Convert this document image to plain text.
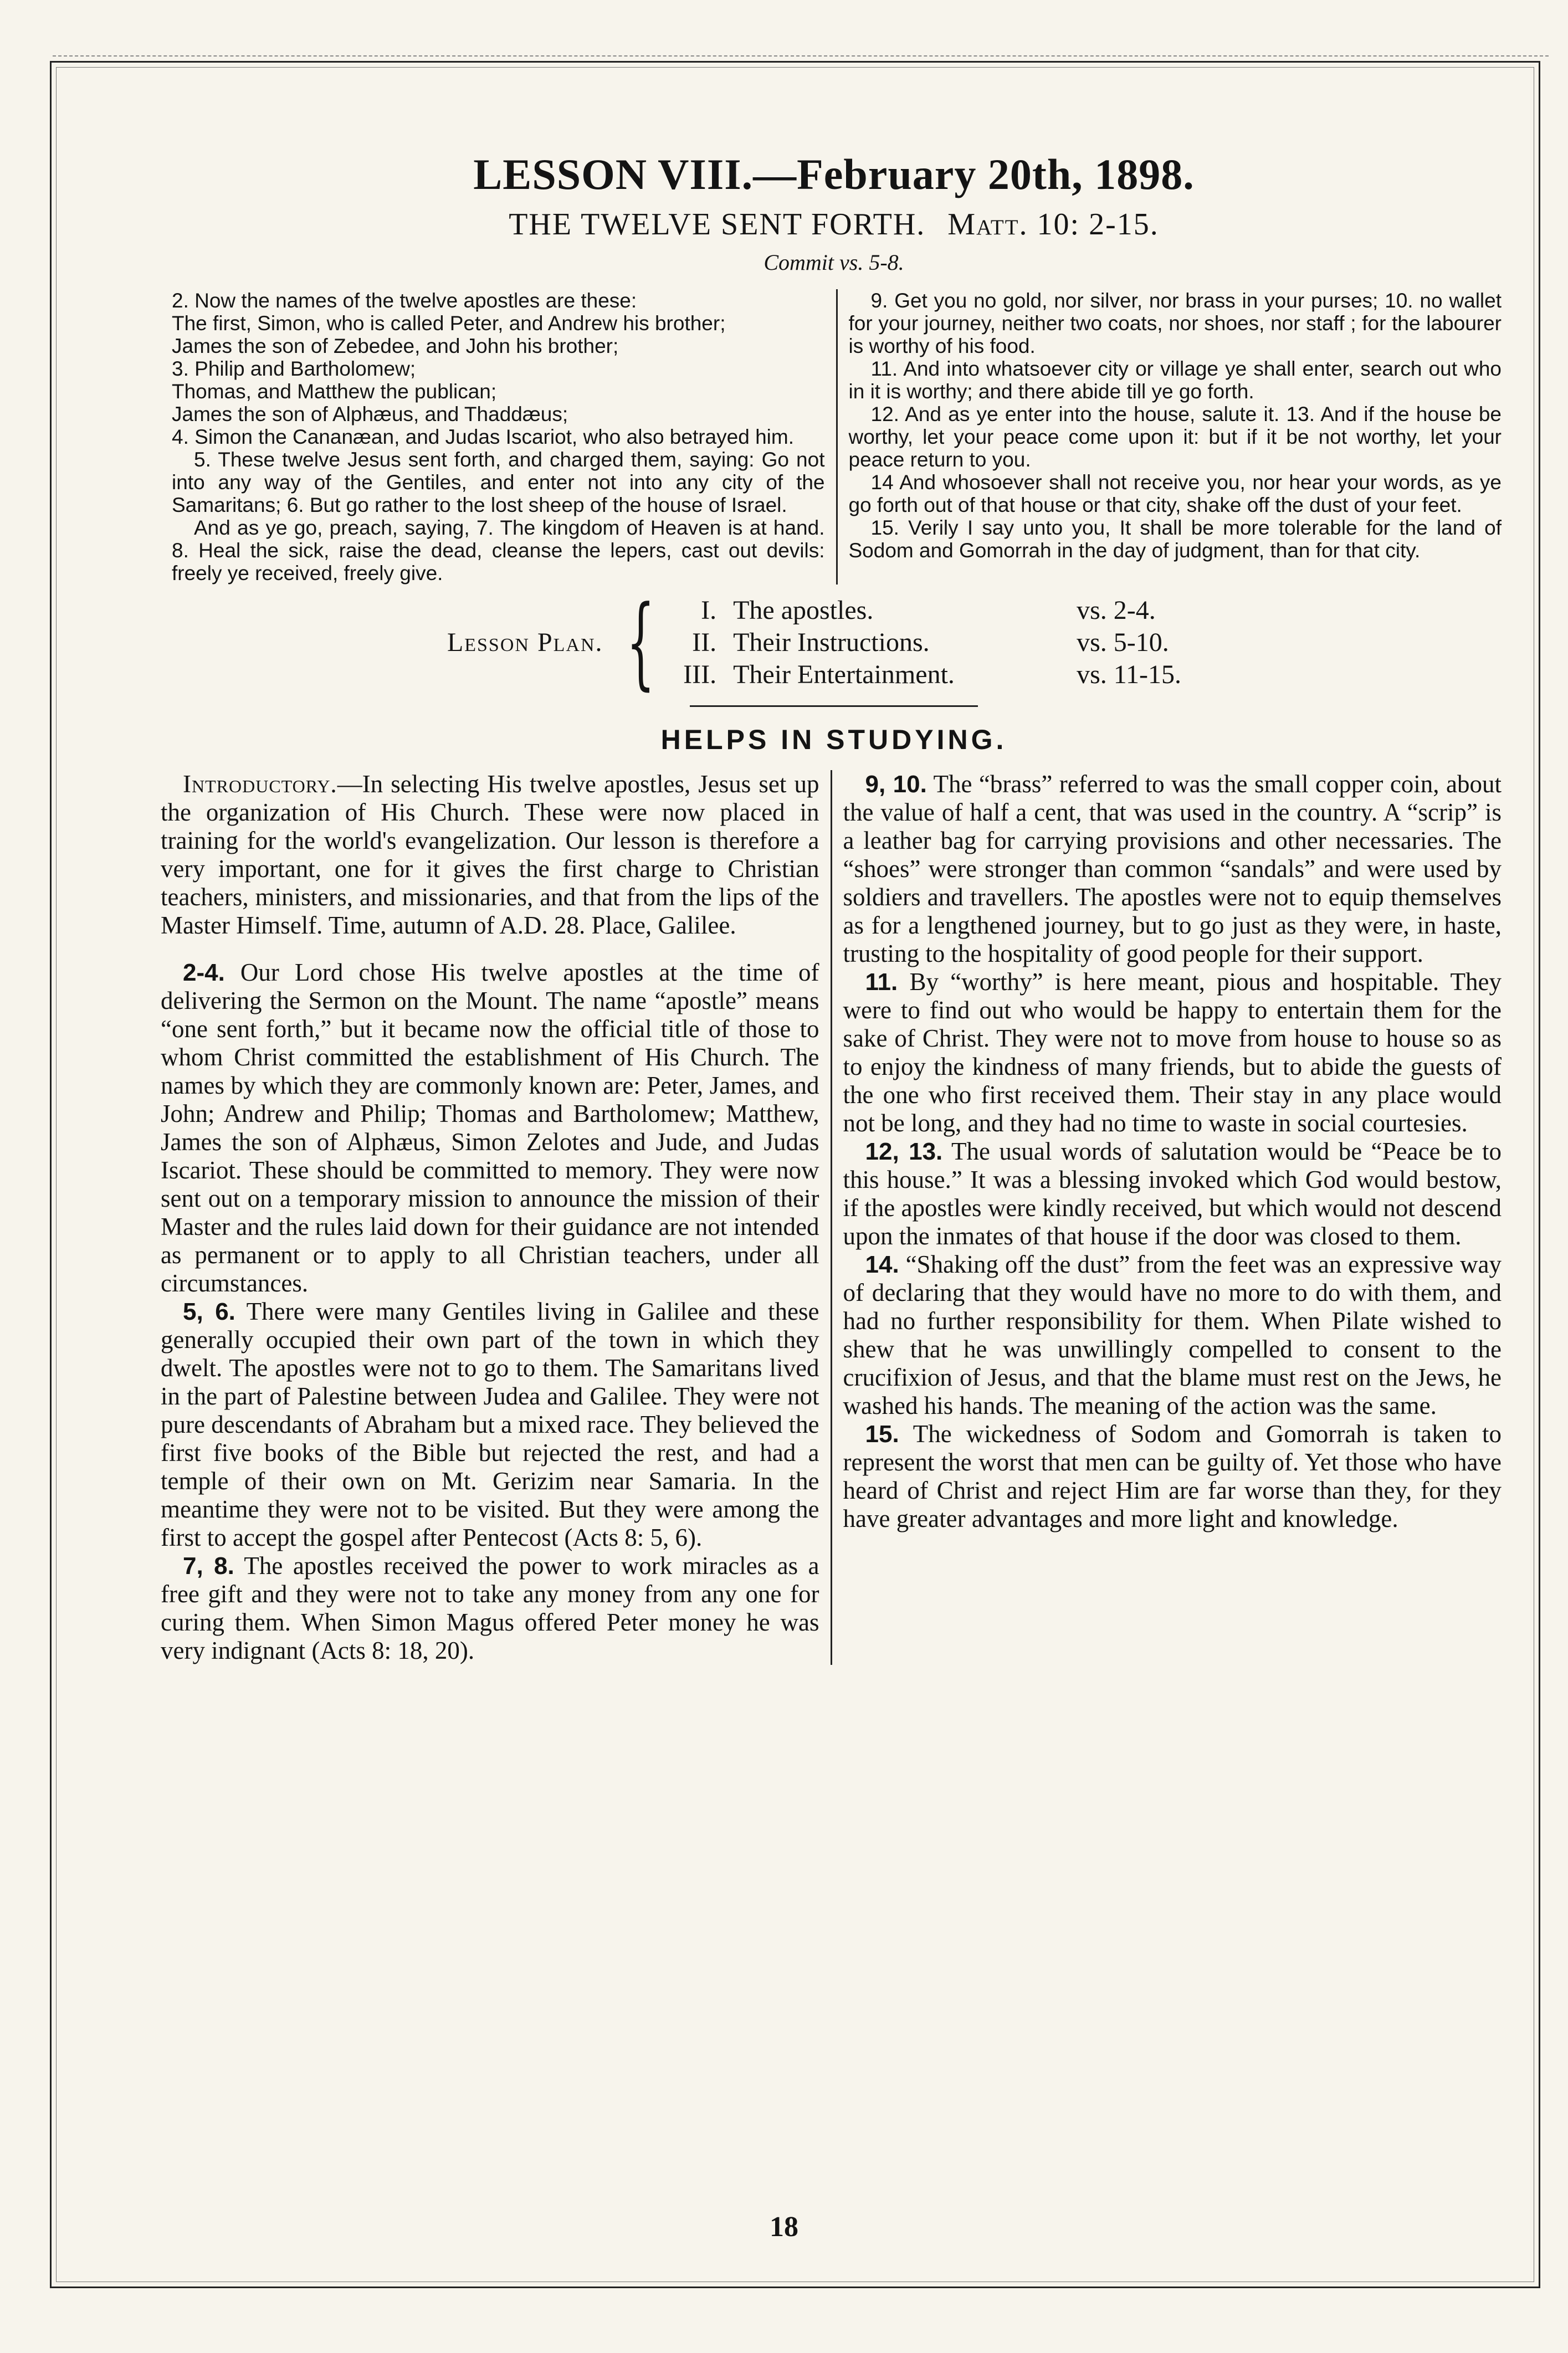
LESSON VIII.—February 20th, 1898.
THE TWELVE SENT FORTH. Matt. 10: 2-15.
Commit vs. 5-8.

2. Now the names of the twelve apostles are these:

The first, Simon, who is called Peter, and Andrew his brother;

James the son of Zebedee, and John his brother;

3. Philip and Bartholomew;

Thomas, and Matthew the publican;

James the son of Alphæus, and Thaddæus;

4. Simon the Cananæan, and Judas Iscariot, who also betrayed him.

5. These twelve Jesus sent forth, and charged them, saying: Go not into any way of the Gentiles, and enter not into any city of the Samaritans; 6. But go rather to the lost sheep of the house of Israel.

And as ye go, preach, saying, 7. The kingdom of Heaven is at hand. 8. Heal the sick, raise the dead, cleanse the lepers, cast out devils: freely ye received, freely give.

9. Get you no gold, nor silver, nor brass in your purses; 10. no wallet for your journey, neither two coats, nor shoes, nor staff ; for the labourer is worthy of his food.

11. And into whatsoever city or village ye shall enter, search out who in it is worthy; and there abide till ye go forth.

12. And as ye enter into the house, salute it. 13. And if the house be worthy, let your peace come upon it: but if it be not worthy, let your peace return to you.

14 And whosoever shall not receive you, nor hear your words, as ye go forth out of that house or that city, shake off the dust of your feet.

15. Verily I say unto you, It shall be more tolerable for the land of Sodom and Gomorrah in the day of judgment, than for that city.

Lesson Plan. {	I. The apostles.	vs. 2-4.
II. Their Instructions.	vs. 5-10.
III. Their Entertainment.	vs. 11-15.
HELPS IN STUDYING.

Introductory.—In selecting His twelve apostles, Jesus set up the organization of His Church. These were now placed in training for the world's evangelization. Our lesson is therefore a very important, one for it gives the first charge to Christian teachers, ministers, and missionaries, and that from the lips of the Master Himself. Time, autumn of A.D. 28. Place, Galilee.

2-4. Our Lord chose His twelve apostles at the time of delivering the Sermon on the Mount. The name “apostle” means “one sent forth,” but it became now the official title of those to whom Christ committed the establishment of His Church. The names by which they are commonly known are: Peter, James, and John; Andrew and Philip; Thomas and Bartholomew; Matthew, James the son of Alphæus, Simon Zelotes and Jude, and Judas Iscariot. These should be committed to memory. They were now sent out on a temporary mission to announce the mission of their Master and the rules laid down for their guidance are not intended as permanent or to apply to all Christian teachers, under all circumstances.

5, 6. There were many Gentiles living in Galilee and these generally occupied their own part of the town in which they dwelt. The apostles were not to go to them. The Samaritans lived in the part of Palestine between Judea and Galilee. They were not pure descendants of Abraham but a mixed race. They believed the first five books of the Bible but rejected the rest, and had a temple of their own on Mt. Gerizim near Samaria. In the meantime they were not to be visited. But they were among the first to accept the gospel after Pentecost (Acts 8: 5, 6).

7, 8. The apostles received the power to work miracles as a free gift and they were not to take any money from any one for curing them. When Simon Magus offered Peter money he was very indignant (Acts 8: 18, 20).

9, 10. The “brass” referred to was the small copper coin, about the value of half a cent, that was used in the country. A “scrip” is a leather bag for carrying provisions and other necessaries. The “shoes” were stronger than common “sandals” and were used by soldiers and travellers. The apostles were not to equip themselves as for a lengthened journey, but to go just as they were, in haste, trusting to the hospitality of good people for their support.

11. By “worthy” is here meant, pious and hospitable. They were to find out who would be happy to entertain them for the sake of Christ. They were not to move from house to house so as to enjoy the kindness of many friends, but to abide the guests of the one who first received them. Their stay in any place would not be long, and they had no time to waste in social courtesies.

12, 13. The usual words of salutation would be “Peace be to this house.” It was a blessing invoked which God would bestow, if the apostles were kindly received, but which would not descend upon the inmates of that house if the door was closed to them.

14. “Shaking off the dust” from the feet was an expressive way of declaring that they would have no more to do with them, and had no further responsibility for them. When Pilate wished to shew that he was unwillingly compelled to consent to the crucifixion of Jesus, and that the blame must rest on the Jews, he washed his hands. The meaning of the action was the same.

15. The wickedness of Sodom and Gomorrah is taken to represent the worst that men can be guilty of. Yet those who have heard of Christ and reject Him are far worse than they, for they have greater advantages and more light and knowledge.

18
